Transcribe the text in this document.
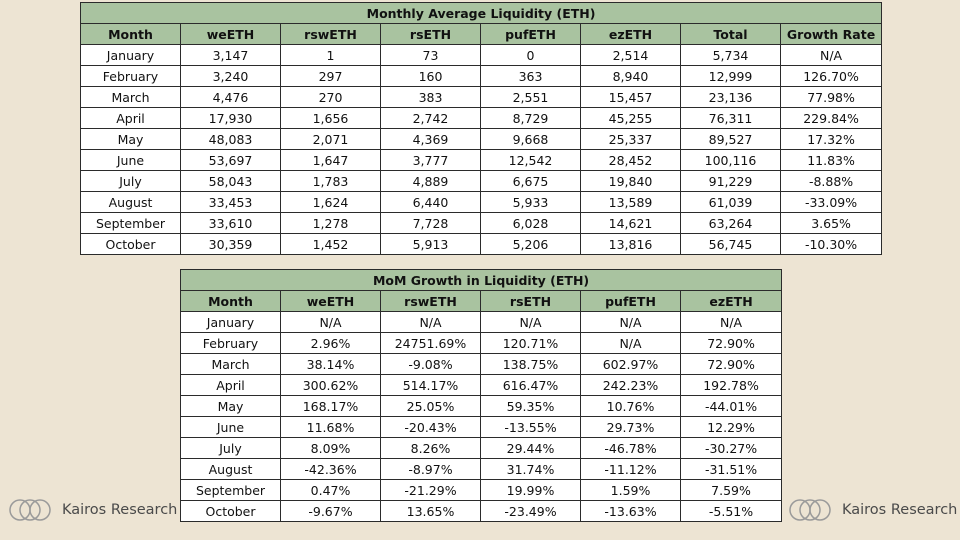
Monthly Average Liquidity (ETH)							
Month	weETH	rswETH	rsETH	pufETH	ezETH	Total	Growth Rate
January	3,147	1	73	0	2,514	5,734	N/A
February	3,240	297	160	363	8,940	12,999	126.70%
March	4,476	270	383	2,551	15,457	23,136	77.98%
April	17,930	1,656	2,742	8,729	45,255	76,311	229.84%
May	48,083	2,071	4,369	9,668	25,337	89,527	17.32%
June	53,697	1,647	3,777	12,542	28,452	100,116	11.83%
July	58,043	1,783	4,889	6,675	19,840	91,229	-8.88%
August	33,453	1,624	6,440	5,933	13,589	61,039	-33.09%
September	33,610	1,278	7,728	6,028	14,621	63,264	3.65%
October	30,359	1,452	5,913	5,206	13,816	56,745	-10.30%
MoM Growth in Liquidity (ETH)					
Month	weETH	rswETH	rsETH	pufETH	ezETH
January	N/A	N/A	N/A	N/A	N/A
February	2.96%	24751.69%	120.71%	N/A	72.90%
March	38.14%	-9.08%	138.75%	602.97%	72.90%
April	300.62%	514.17%	616.47%	242.23%	192.78%
May	168.17%	25.05%	59.35%	10.76%	-44.01%
June	11.68%	-20.43%	-13.55%	29.73%	12.29%
July	8.09%	8.26%	29.44%	-46.78%	-30.27%
August	-42.36%	-8.97%	31.74%	-11.12%	-31.51%
September	0.47%	-21.29%	19.99%	1.59%	7.59%
October	-9.67%	13.65%	-23.49%	-13.63%	-5.51%
Kairos Research	Kairos Research
